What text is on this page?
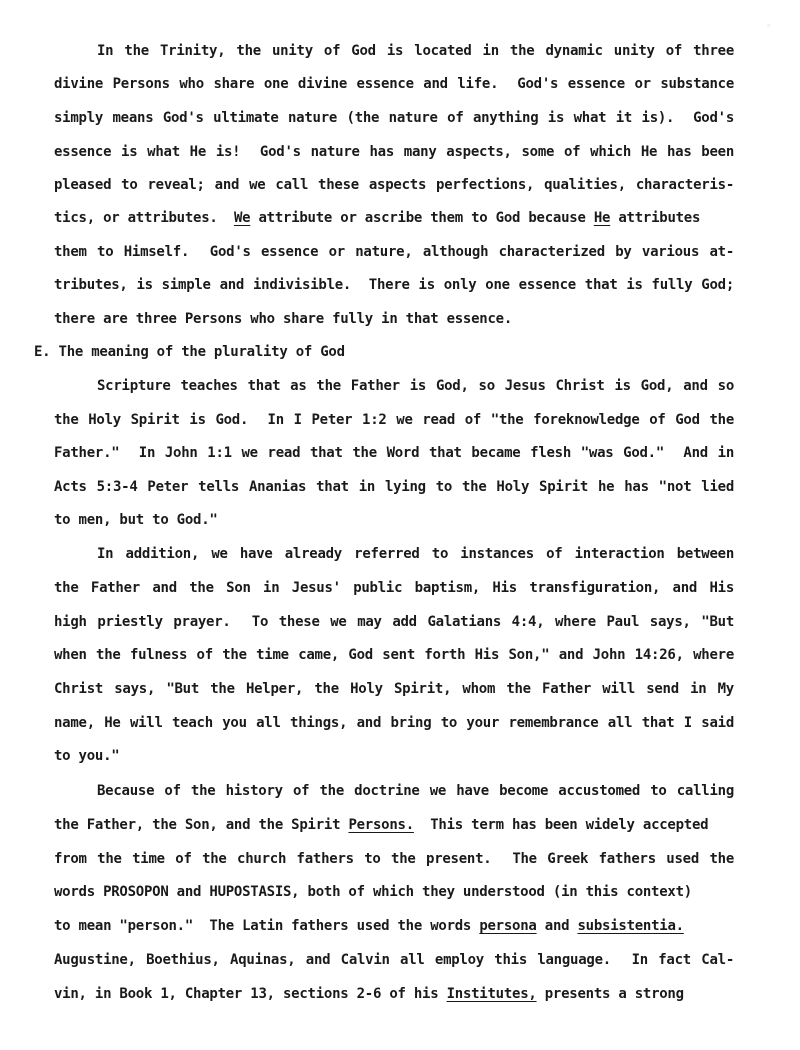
◦
In the Trinity, the unity of God is located in the dynamic unity of three
divine Persons who share one divine essence and life.  God's essence or substance
simply means God's ultimate nature (the nature of anything is what it is).  God's
essence is what He is!  God's nature has many aspects, some of which He has been
pleased to reveal; and we call these aspects perfections, qualities, characteris-
tics, or attributes. We attribute or ascribe them to God because He attributes
them to Himself.  God's essence or nature, although characterized by various at-
tributes, is simple and indivisible.  There is only one essence that is fully God;
there are three Persons who share fully in that essence.
E. The meaning of the plurality of God
Scripture teaches that as the Father is God, so Jesus Christ is God, and so
the Holy Spirit is God.  In I Peter 1:2 we read of "the foreknowledge of God the
Father."  In John 1:1 we read that the Word that became flesh "was God."  And in
Acts 5:3-4 Peter tells Ananias that in lying to the Holy Spirit he has "not lied
to men, but to God."
In addition, we have already referred to instances of interaction between
the Father and the Son in Jesus' public baptism, His transfiguration, and His
high priestly prayer.  To these we may add Galatians 4:4, where Paul says, "But
when the fulness of the time came, God sent forth His Son," and John 14:26, where
Christ says, "But the Helper, the Holy Spirit, whom the Father will send in My
name, He will teach you all things, and bring to your remembrance all that I said
to you."
Because of the history of the doctrine we have become accustomed to calling
the Father, the Son, and the Spirit Persons. This term has been widely accepted
from the time of the church fathers to the present.  The Greek fathers used the
words PROSOPON and HUPOSTASIS, both of which they understood (in this context)
to mean "person."  The Latin fathers used the words persona and subsistentia.
Augustine, Boethius, Aquinas, and Calvin all employ this language.  In fact Cal-
vin, in Book 1, Chapter 13, sections 2-6 of his Institutes, presents a strong
